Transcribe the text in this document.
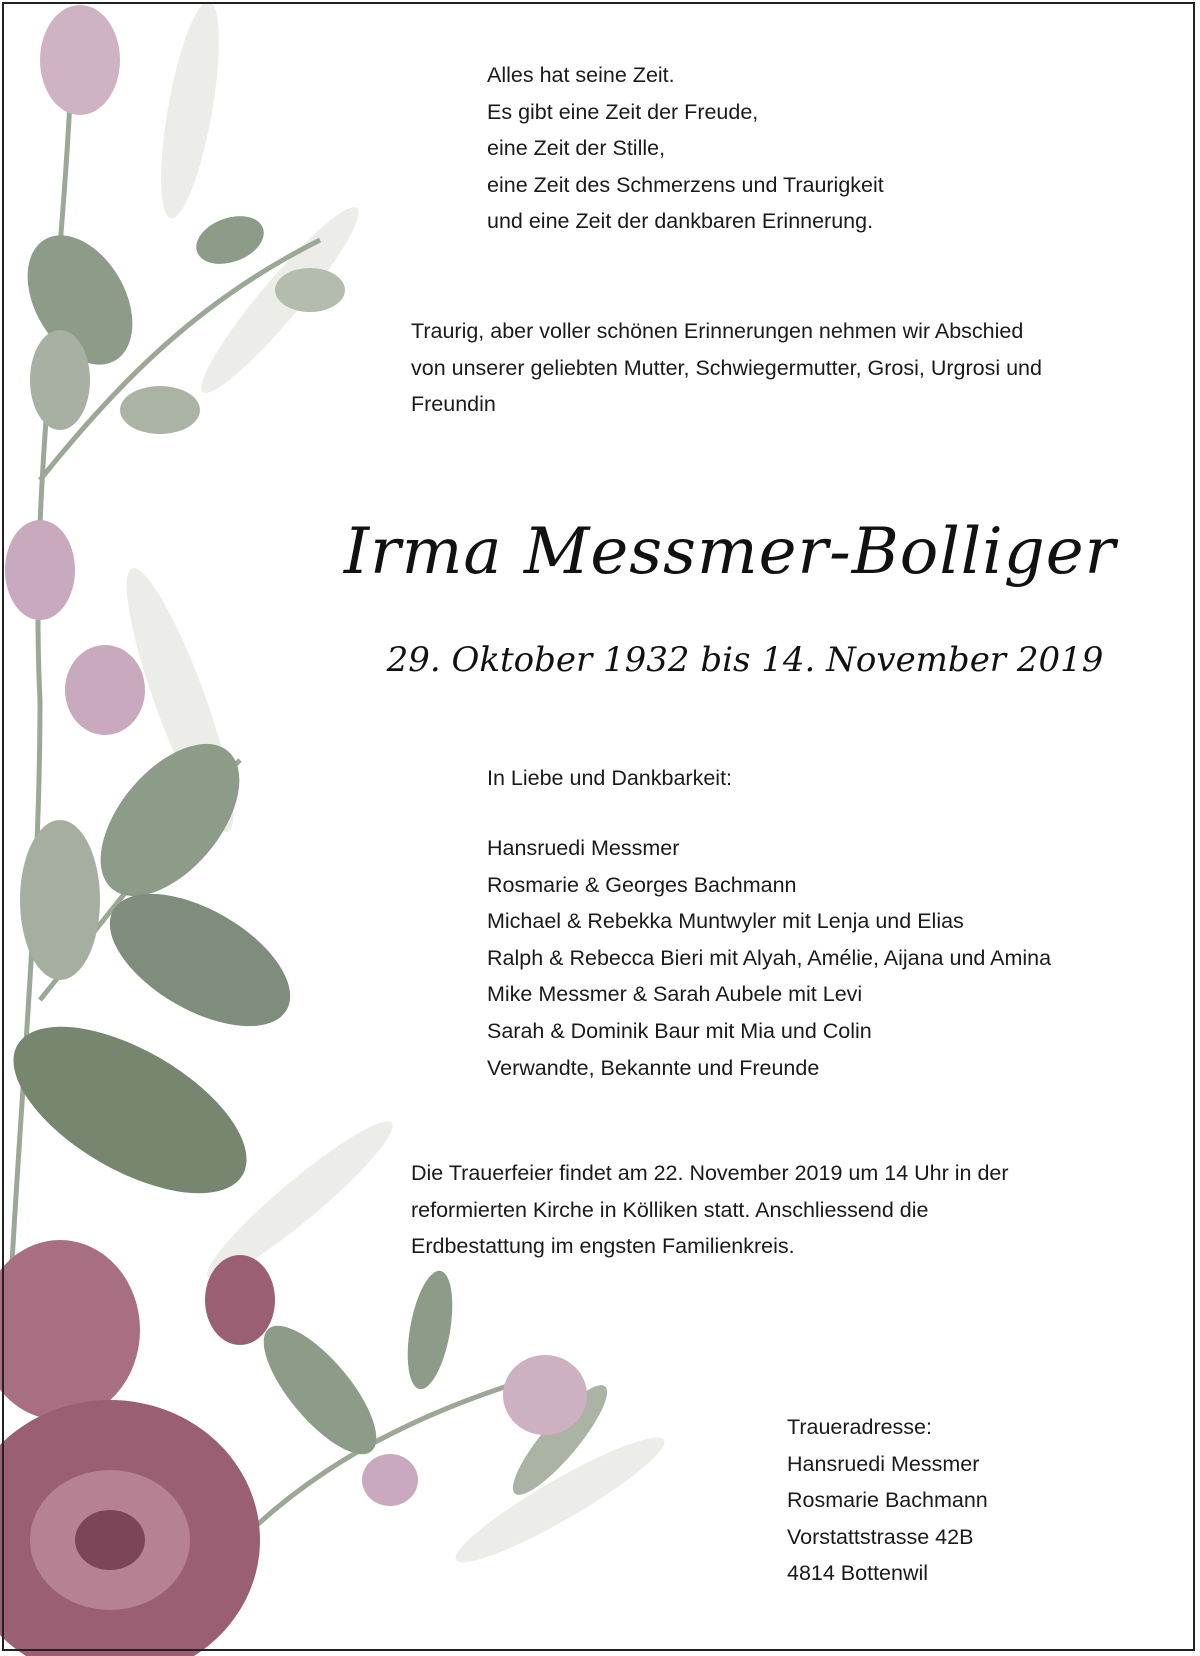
Alles hat seine Zeit.
Es gibt eine Zeit der Freude,
eine Zeit der Stille,
eine Zeit des Schmerzens und Traurigkeit
und eine Zeit der dankbaren Erinnerung.
Traurig, aber voller schönen Erinnerungen nehmen wir Abschied
von unserer geliebten Mutter, Schwiegermutter, Grosi, Urgrosi und
Freundin
Irma Messmer-Bolliger
29. Oktober 1932 bis 14. November 2019
In Liebe und Dankbarkeit:
Hansruedi Messmer
Rosmarie & Georges Bachmann
Michael & Rebekka Muntwyler mit Lenja und Elias
Ralph & Rebecca Bieri mit Alyah, Amélie, Aijana und Amina
Mike Messmer & Sarah Aubele mit Levi
Sarah & Dominik Baur mit Mia und Colin
Verwandte, Bekannte und Freunde
Die Trauerfeier findet am 22. November 2019 um 14 Uhr in der
reformierten Kirche in Kölliken statt. Anschliessend die
Erdbestattung im engsten Familienkreis.
Traueradresse:
Hansruedi Messmer
Rosmarie Bachmann
Vorstattstrasse 42B
4814 Bottenwil
